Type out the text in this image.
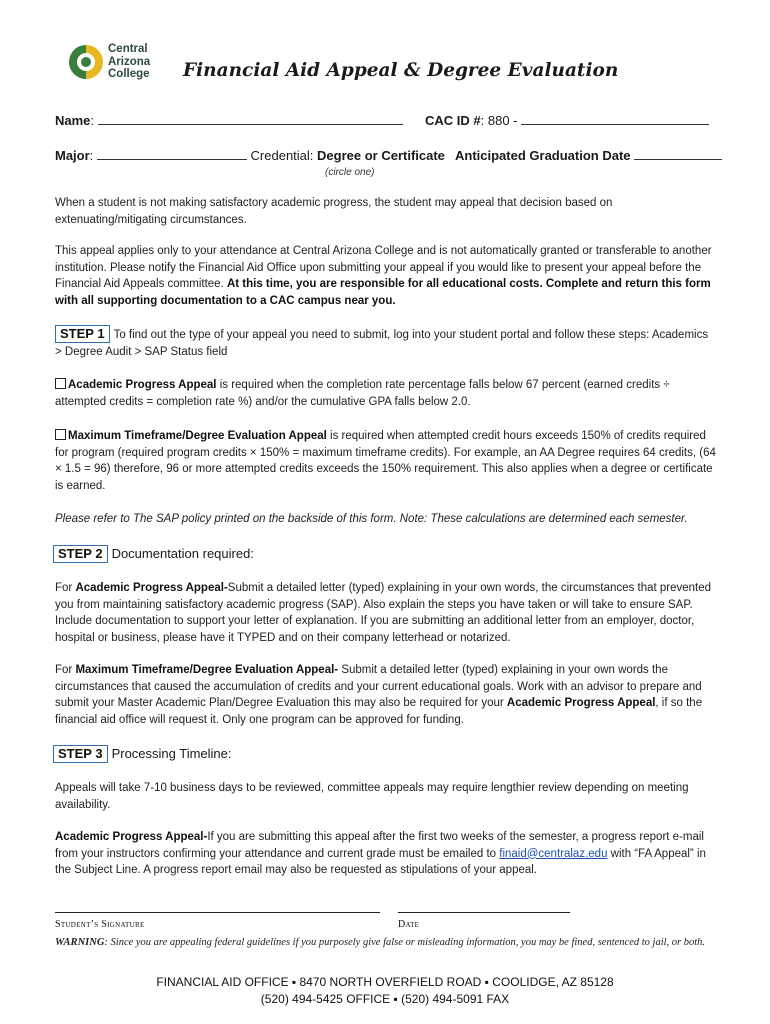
Central
Arizona
College Financial Aid Appeal & Degree Evaluation
Name:	CAC ID #: 880 -
Major:	Credential: Degree or Certificate Anticipated Graduation Date
(circle one)

When a student is not making satisfactory academic progress, the student may appeal that decision based on extenuating/mitigating circumstances.

This appeal applies only to your attendance at Central Arizona College and is not automatically granted or transferable to another institution. Please notify the Financial Aid Office upon submitting your appeal if you would like to present your appeal before the Financial Aid Appeals committee. At this time, you are responsible for all educational costs. Complete and return this form with all supporting documentation to a CAC campus near you.

STEP 1 To find out the type of your appeal you need to submit, log into your student portal and follow these steps: Academics > Degree Audit > SAP Status field

Academic Progress Appeal is required when the completion rate percentage falls below 67 percent (earned credits ÷ attempted credits = completion rate %) and/or the cumulative GPA falls below 2.0.

Maximum Timeframe/Degree Evaluation Appeal is required when attempted credit hours exceeds 150% of credits required for program (required program credits × 150% = maximum timeframe credits). For example, an AA Degree requires 64 credits, (64 × 1.5 = 96) therefore, 96 or more attempted credits exceeds the 150% requirement. This also applies when a degree or certificate is earned.

Please refer to The SAP policy printed on the backside of this form. Note: These calculations are determined each semester.

STEP 2 Documentation required:

For Academic Progress Appeal-Submit a detailed letter (typed) explaining in your own words, the circumstances that prevented you from maintaining satisfactory academic progress (SAP). Also explain the steps you have taken or will take to ensure SAP. Include documentation to support your letter of explanation. If you are submitting an additional letter from an employer, doctor, hospital or business, please have it TYPED and on their company letterhead or notarized.

For Maximum Timeframe/Degree Evaluation Appeal- Submit a detailed letter (typed) explaining in your own words the circumstances that caused the accumulation of credits and your current educational goals. Work with an advisor to prepare and submit your Master Academic Plan/Degree Evaluation this may also be required for your Academic Progress Appeal, if so the financial aid office will request it. Only one program can be approved for funding.

STEP 3 Processing Timeline:

Appeals will take 7-10 business days to be reviewed, committee appeals may require lengthier review depending on meeting availability.

Academic Progress Appeal-If you are submitting this appeal after the first two weeks of the semester, a progress report e-mail from your instructors confirming your attendance and current grade must be emailed to finaid@centralaz.edu with “FA Appeal” in the Subject Line. A progress report email may also be requested as stipulations of your appeal.

Student’s Signature	Date

WARNING: Since you are appealing federal guidelines if you purposely give false or misleading information, you may be fined, sentenced to jail, or both.

FINANCIAL AID OFFICE ▪ 8470 NORTH OVERFIELD ROAD ▪ COOLIDGE, AZ 85128
(520) 494-5425 OFFICE ▪ (520) 494-5091 FAX
